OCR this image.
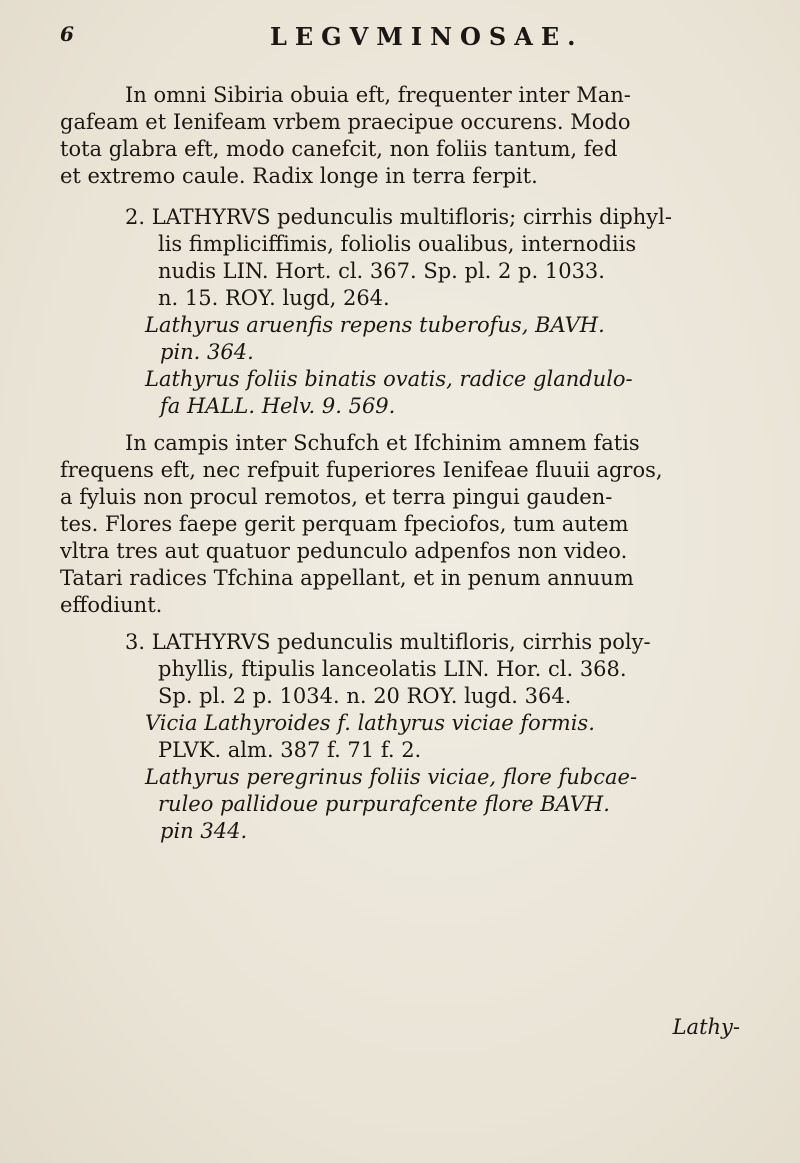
6	LEGVMINOSAE.
In omni Sibiria obuia eft, frequenter inter Man-
gafeam et Ienifeam vrbem praecipue occurens. Modo
tota glabra eft, modo canefcit, non foliis tantum, fed
et extremo caule. Radix longe in terra ferpit.
2. LATHYRVS pedunculis multifloris; cirrhis diphyl-
lis fimpliciffimis, foliolis oualibus, internodiis
nudis LIN. Hort. cl. 367. Sp. pl. 2 p. 1033.
n. 15. ROY. lugd, 264.
Lathyrus aruenfis repens tuberofus, BAVH.
pin. 364.
Lathyrus foliis binatis ovatis, radice glandulo-
fa HALL. Helv. 9. 569.
In campis inter Schufch et Ifchinim amnem fatis
frequens eft, nec refpuit fuperiores Ienifeae fluuii agros,
a fyluis non procul remotos, et terra pingui gauden-
tes. Flores faepe gerit perquam fpeciofos, tum autem
vltra tres aut quatuor pedunculo adpenfos non video.
Tatari radices Tfchina appellant, et in penum annuum
effodiunt.
3. LATHYRVS pedunculis multifloris, cirrhis poly-
phyllis, ftipulis lanceolatis LIN. Hor. cl. 368.
Sp. pl. 2 p. 1034. n. 20 ROY. lugd. 364.
Vicia Lathyroides f. lathyrus viciae formis.
PLVK. alm. 387 f. 71 f. 2.
Lathyrus peregrinus foliis viciae, flore fubcae-
ruleo pallidoue purpurafcente flore BAVH.
pin 344.
Lathy-
